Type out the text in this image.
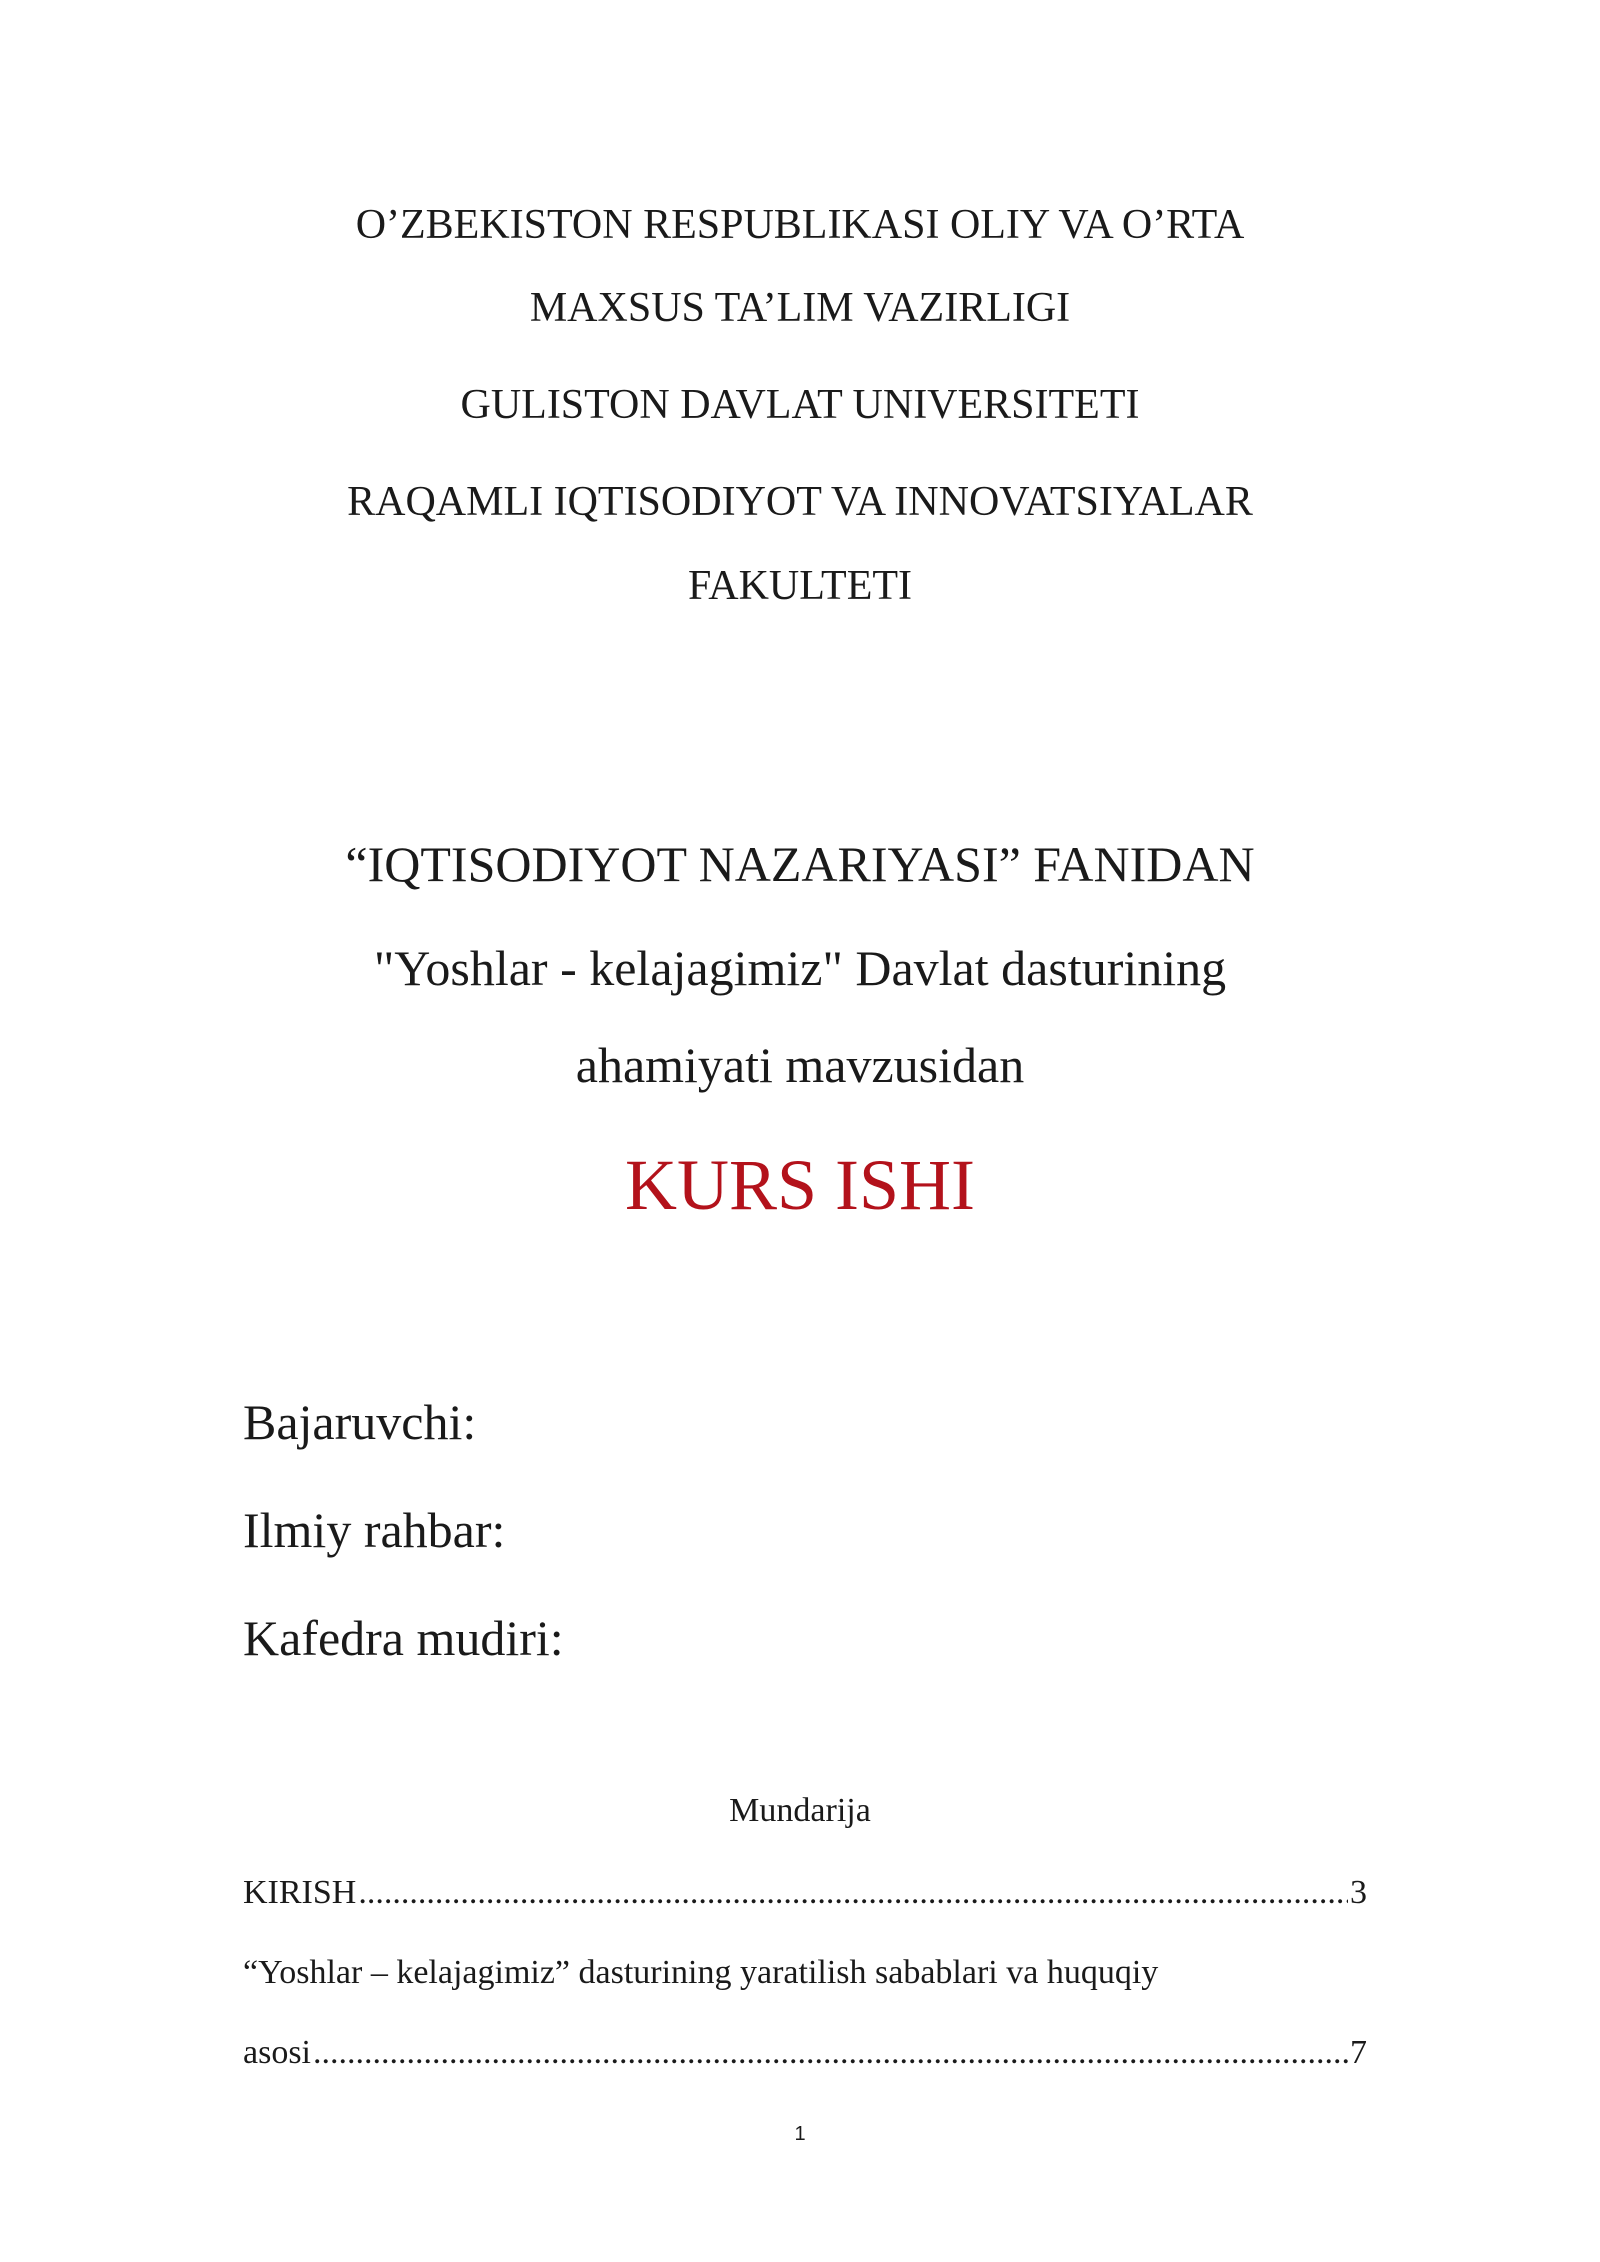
O’ZBEKISTON RESPUBLIKASI OLIY VA O’RTA
MAXSUS TA’LIM VAZIRLIGI
GULISTON DAVLAT UNIVERSITETI
RAQAMLI IQTISODIYOT VA INNOVATSIYALAR
FAKULTETI
“IQTISODIYOT NAZARIYASI” FANIDAN
"Yoshlar - kelajagimiz" Davlat dasturining
ahamiyati mavzusidan
KURS ISHI
Bajaruvchi:
Ilmiy rahbar:
Kafedra mudiri:
Mundarija
KIRISH .....	3
“Yoshlar – kelajagimiz” dasturining yaratilish sabablari va huquqiy
asosi .....	7
1
